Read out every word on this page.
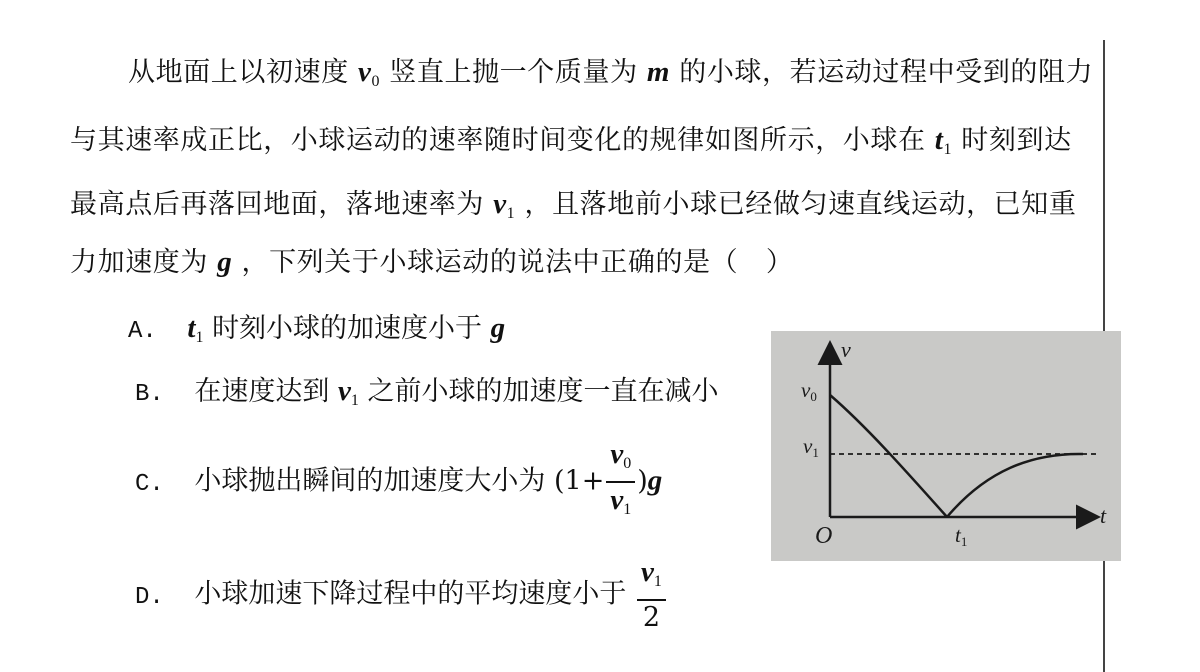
从地面上以初速度 $v_0$ 竖直上抛一个质量为 m 的小球，若运动过程中受到的阻力
与其速率成正比，小球运动的速率随时间变化的规律如图所示，小球在 $t_1$ 时刻到达
最高点后再落回地面，落地速率为 $v_1$ ，且落地前小球已经做匀速直线运动，已知重
力加速度为 g ，下列关于小球运动的说法中正确的是（　）
A. $t_1$ 时刻小球的加速度小于 g
B. 在速度达到 $v_1$ 之前小球的加速度一直在减小
C. 小球抛出瞬间的加速度大小为 $(1+ \frac{v_0}{v_1} )g$
D. 小球加速下降过程中的平均速度小于 $\frac{v_1}{2}$
v
t
O
v0
v1
t1
